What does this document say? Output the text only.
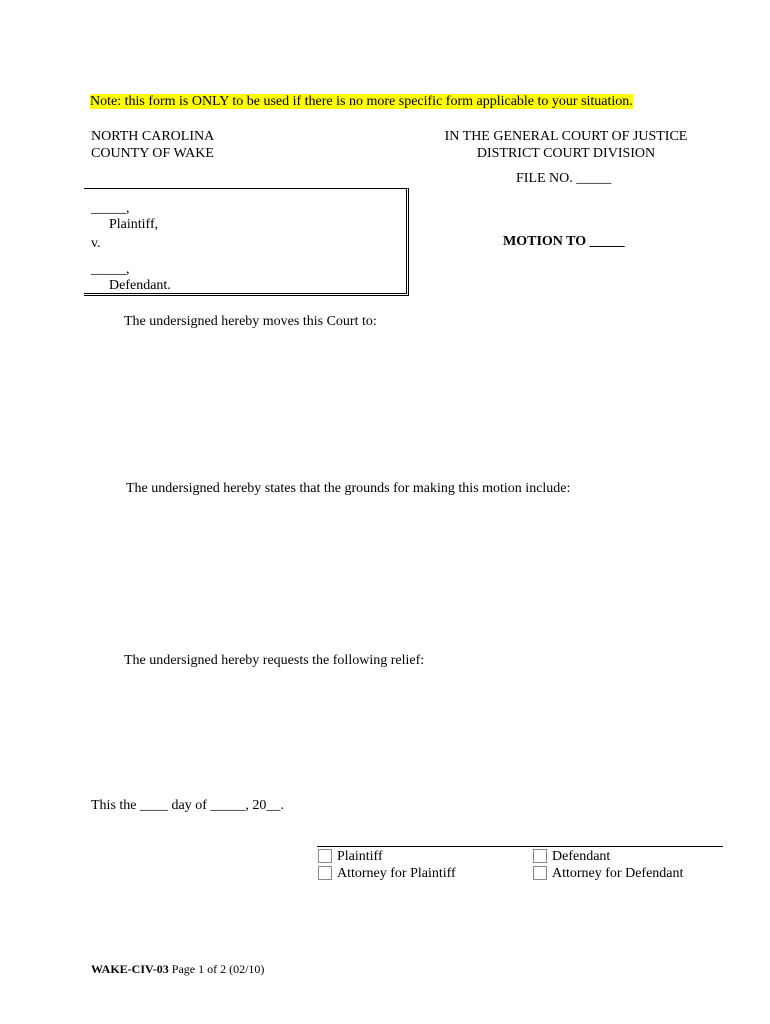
Note: this form is ONLY to be used if there is no more specific form applicable to your situation.
NORTH CAROLINA
COUNTY OF WAKE
IN THE GENERAL COURT OF JUSTICE
DISTRICT COURT DIVISION
FILE NO. _____
_____,
Plaintiff,
v.
_____,
Defendant.
MOTION TO _____
The undersigned hereby moves this Court to:
The undersigned hereby states that the grounds for making this motion include:
The undersigned hereby requests the following relief:
This the ____ day of _____, 20__.
Plaintiff
Attorney for Plaintiff
Defendant
Attorney for Defendant
WAKE-CIV-03 Page 1 of 2 (02/10)
